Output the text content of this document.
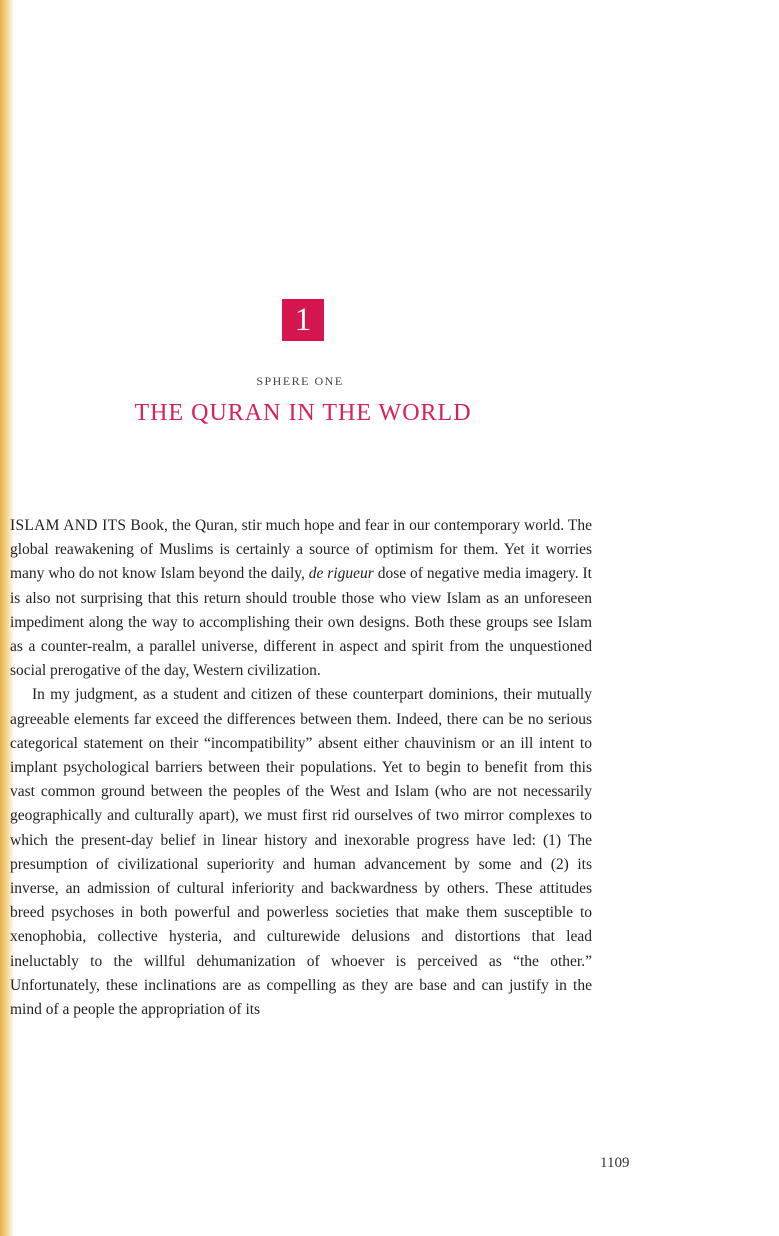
1
SPHERE ONE
THE QURAN IN THE WORLD

ISLAM AND ITS Book, the Quran, stir much hope and fear in our contemporary world. The global reawakening of Muslims is certainly a source of optimism for them. Yet it worries many who do not know Islam beyond the daily, de rigueur dose of negative media imagery. It is also not surprising that this return should trouble those who view Islam as an unforeseen impediment along the way to accomplishing their own designs. Both these groups see Islam as a counter-realm, a parallel universe, different in aspect and spirit from the unquestioned social prerogative of the day, Western civilization.

In my judgment, as a student and citizen of these counterpart dominions, their mutually agreeable elements far exceed the differences between them. Indeed, there can be no serious categorical statement on their “incompatibility” absent either chauvinism or an ill intent to implant psychological barriers between their populations. Yet to begin to benefit from this vast common ground between the peoples of the West and Islam (who are not necessarily geographically and culturally apart), we must first rid ourselves of two mirror complexes to which the present-day belief in linear history and inexorable progress have led: (1) The presumption of civilizational superiority and human advancement by some and (2) its inverse, an admission of cultural inferiority and backwardness by others. These attitudes breed psychoses in both powerful and powerless societies that make them susceptible to xenophobia, collective hysteria, and culturewide delusions and distortions that lead ineluctably to the willful dehumanization of whoever is perceived as “the other.” Unfortunately, these inclinations are as compelling as they are base and can justify in the mind of a people the appropriation of its

1109
